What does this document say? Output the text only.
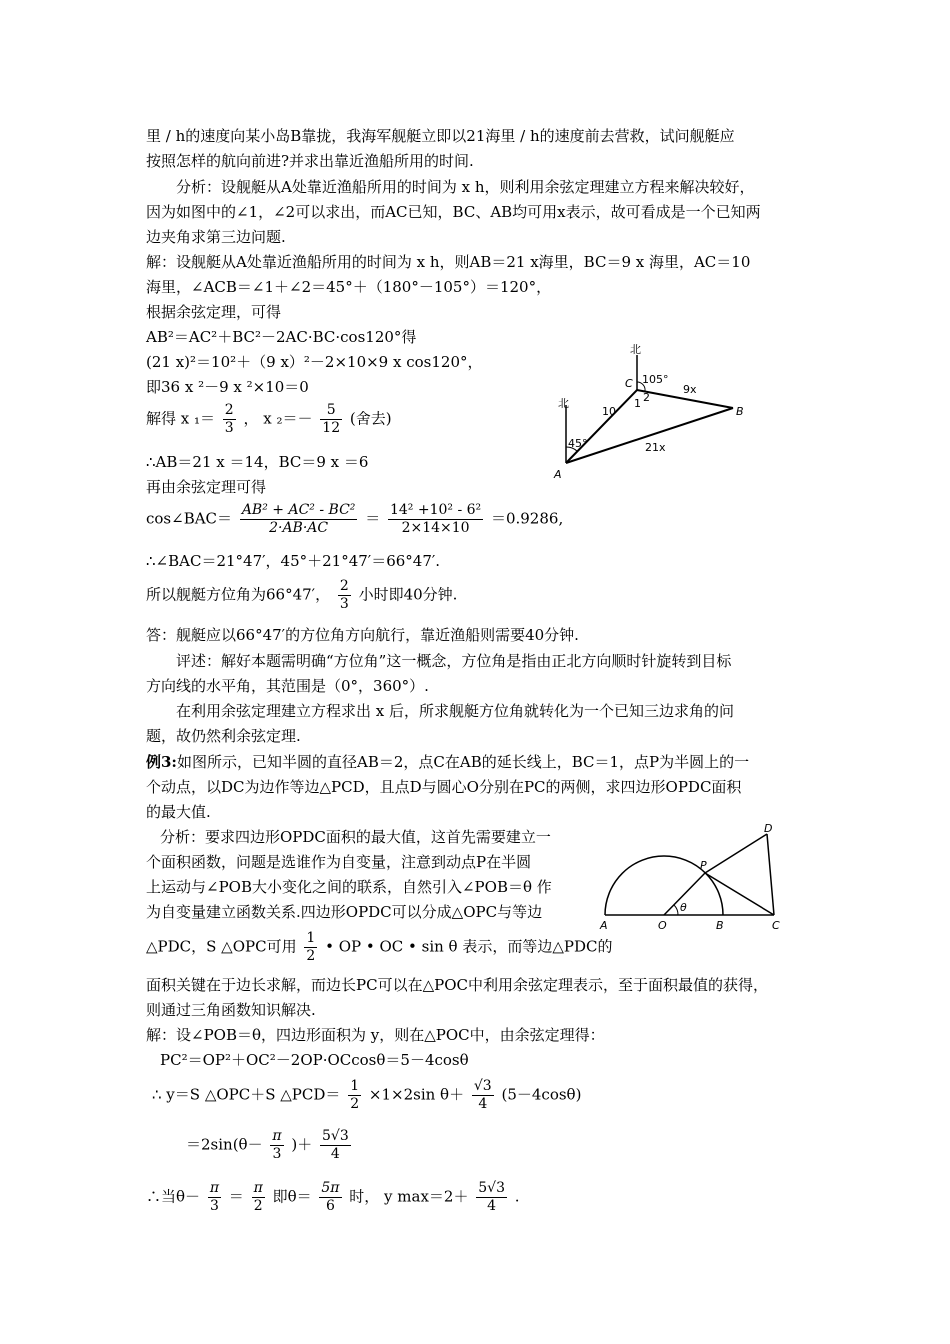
里 / h的速度向某小岛B靠拢，我海军舰艇立即以21海里 / h的速度前去营救，试问舰艇应
按照怎样的航向前进?并求出靠近渔船所用的时间.
分析：设舰艇从A处靠近渔船所用的时间为 x h，则利用余弦定理建立方程来解决较好，
因为如图中的∠1，∠2可以求出，而AC已知，BC、AB均可用x表示，故可看成是一个已知两
边夹角求第三边问题.
解：设舰艇从A处靠近渔船所用的时间为 x h，则AB＝21 x海里，BC＝9 x 海里，AC＝10
海里，∠ACB＝∠1＋∠2＝45°＋（180°－105°）＝120°，
根据余弦定理，可得
AB²＝AC²＋BC²－2AC·BC·cos120°得
(21 x)²＝10²＋（9 x）²－2×10×9 x cos120°，
即36 x ²－9 x ²×10＝0
解得 x $_1= \frac{2}{3}$ ， x $_2=- \frac{5}{12}$ (舍去)
∴AB＝21 x ＝14，BC＝9 x ＝6
再由余弦定理可得
cos∠BAC＝ $\frac{\text{AB² + AC² - BC²}}{2\cdot AB\cdot AC} = \frac{\text{14² +10² - 6²}}{2\times 14\times 10} =0.9286$,
∴∠BAC＝21°47′，45°＋21°47′＝66°47′.
所以舰艇方位角为66°47′， $\frac{2}{3}$ 小时即40分钟.
答：舰艇应以66°47′的方位角方向航行，靠近渔船则需要40分钟.
评述：解好本题需明确“方位角”这一概念，方位角是指由正北方向顺时针旋转到目标
方向线的水平角，其范围是（0°，360°）.
在利用余弦定理建立方程求出 x 后，所求舰艇方位角就转化为一个已知三边求角的问
题，故仍然利余弦定理.
例3:如图所示，已知半圆的直径AB＝2，点C在AB的延长线上，BC＝1，点P为半圆上的一
个动点，以DC为边作等边△PCD，且点D与圆心O分别在PC的两侧，求四边形OPDC面积
的最大值.
分析：要求四边形OPDC面积的最大值，这首先需要建立一
个面积函数，问题是选谁作为自变量，注意到动点P在半圆
上运动与∠POB大小变化之间的联系，自然引入∠POB＝θ 作
为自变量建立函数关系.四边形OPDC可以分成△OPC与等边
△PDC，S △OPC可用 $\frac{1}{2}$ • OP • OC • sin θ 表示，而等边△PDC的
面积关键在于边长求解，而边长PC可以在△POC中利用余弦定理表示，至于面积最值的获得，
则通过三角函数知识解决.
解：设∠POB＝θ，四边形面积为 y，则在△POC中，由余弦定理得：
PC²＝OP²＋OC²－2OP·OCcosθ＝5－4cosθ
∴ y＝S △OPC＋S △PCD＝ $\frac{1}{2} \times 1\times 2\sin$ $\theta+ \frac{√3}{4} (5-4\cos\theta)$
$=2\sin(\theta- \frac{\pi}{3}$ )＋ $\frac{5√3}{4}$
∴当$\theta- \frac{\pi}{3} = \frac{\pi}{2}$ 即$\theta= \frac{5\pi}{6}$ 时， y $\max=2+ \frac{5√3}{4}$ .
北
北
A
B
C 105°
45°
10
9x
21x
1 2
A	O	B	C
P
D
θ
